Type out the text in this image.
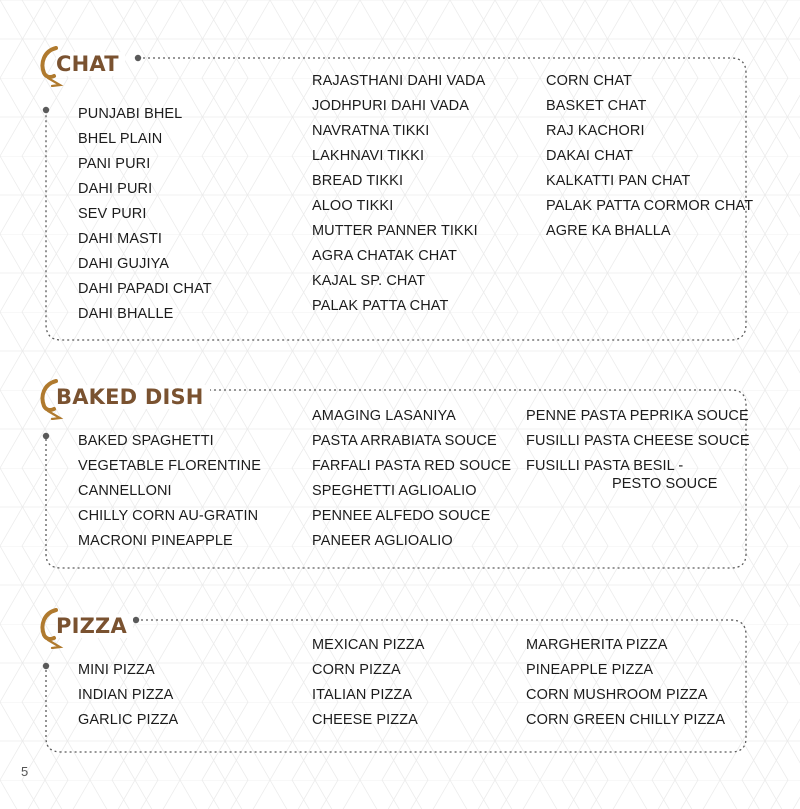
CHAT
PUNJABI BHEL
BHEL PLAIN
PANI PURI
DAHI PURI
SEV PURI
DAHI MASTI
DAHI GUJIYA
DAHI PAPADI CHAT
DAHI BHALLE
RAJASTHANI DAHI VADA
JODHPURI DAHI VADA
NAVRATNA TIKKI
LAKHNAVI TIKKI
BREAD TIKKI
ALOO TIKKI
MUTTER PANNER TIKKI
AGRA CHATAK CHAT
KAJAL SP. CHAT
PALAK PATTA CHAT
CORN CHAT
BASKET CHAT
RAJ KACHORI
DAKAI CHAT
KALKATTI PAN CHAT
PALAK PATTA CORMOR CHAT
AGRE KA BHALLA
BAKED DISH
BAKED SPAGHETTI
VEGETABLE FLORENTINE
CANNELLONI
CHILLY CORN AU-GRATIN
MACRONI PINEAPPLE
AMAGING LASANIYA
PASTA ARRABIATA SOUCE
FARFALI PASTA RED SOUCE
SPEGHETTI AGLIOALIO
PENNEE ALFEDO SOUCE
PANEER AGLIOALIO
PENNE PASTA PEPRIKA SOUCE
FUSILLI PASTA CHEESE SOUCE
FUSILLI PASTA BESIL -
PESTO SOUCE
PIZZA
MINI PIZZA
INDIAN PIZZA
GARLIC PIZZA
MEXICAN PIZZA
CORN PIZZA
ITALIAN PIZZA
CHEESE PIZZA
MARGHERITA PIZZA
PINEAPPLE PIZZA
CORN MUSHROOM PIZZA
CORN GREEN CHILLY PIZZA
5
